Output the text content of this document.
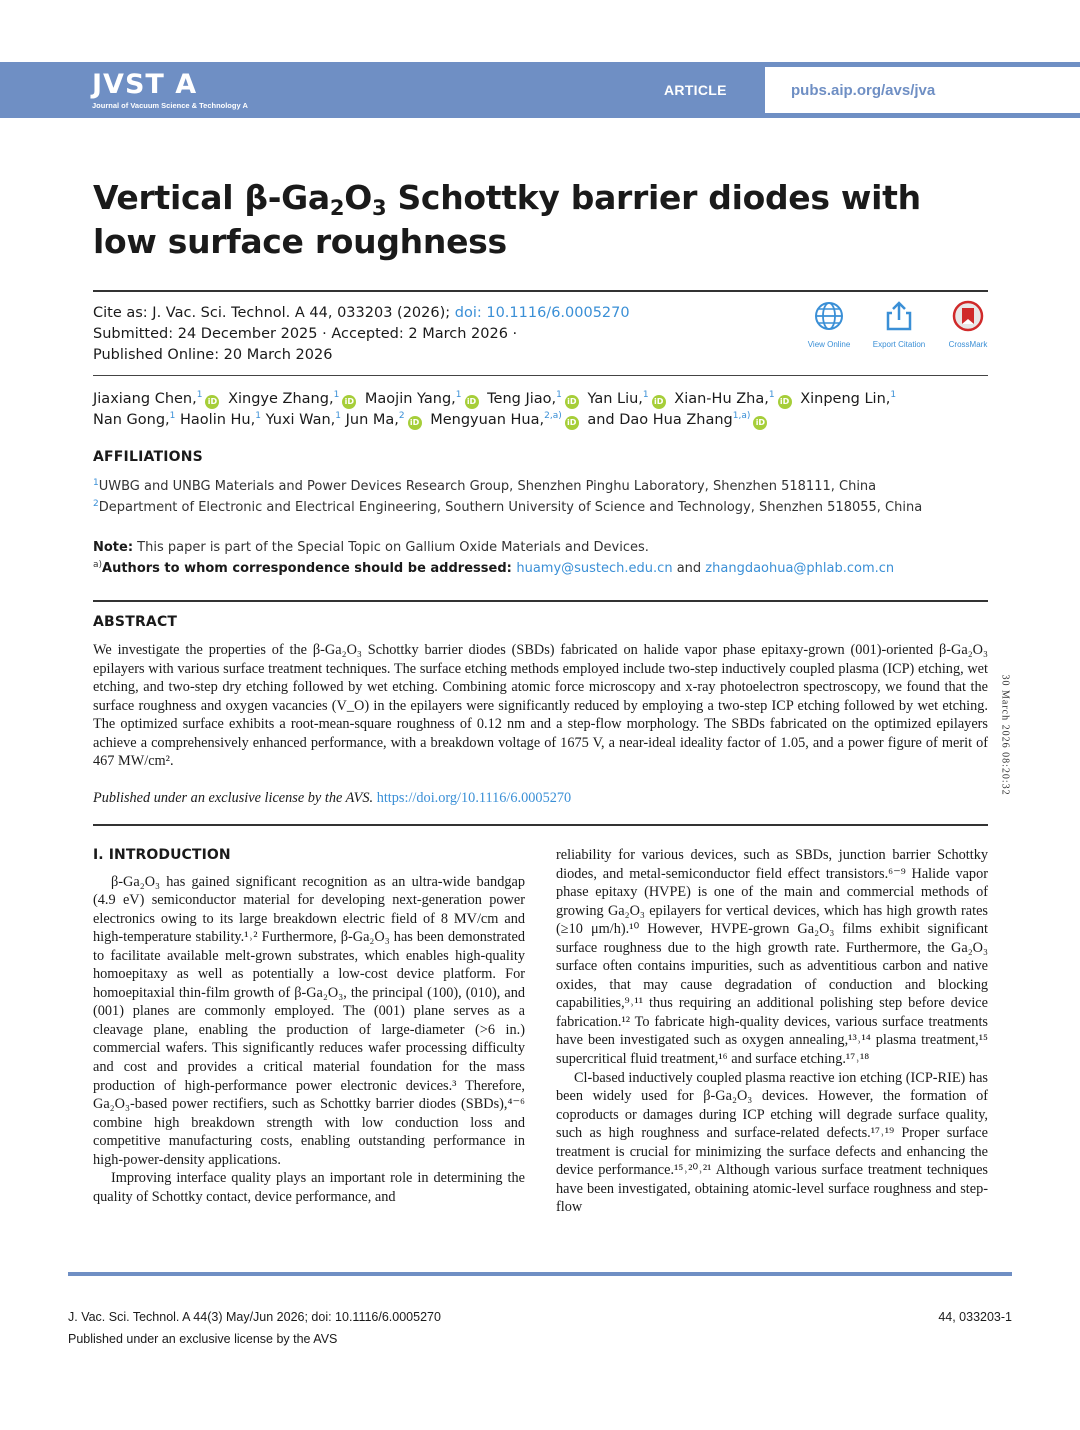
JVST A
Journal of Vacuum Science & Technology A
ARTICLE	pubs.aip.org/avs/jva
Vertical $\beta-Ga_2O_3$ Schottky barrier diodes with low surface roughness
Cite as: J. Vac. Sci. Technol. A 44, 033203 (2026); doi: 10.1116/6.0005270
Submitted: 24 December 2025 · Accepted: 2 March 2026 ·
Published Online: 20 March 2026
View Online	Export Citation	CrossMark
Jiaxiang Chen,$^1$iD Xingye Zhang,$^1$iD Maojin Yang,$^1$iD Teng Jiao,$^1$iD Yan Liu,$^1$iD Xian-Hu Zha,$^1$iD Xinpeng Lin,$^1$
Nan Gong,$^1$ Haolin Hu,$^1$ Yuxi Wan,$^1$ Jun Ma,$^2$iD Mengyuan Hua,$^{2,a)}$iD and Dao Hua Zhang$^{1,a)}$iD
AFFILIATIONS
$^1$UWBG and UNBG Materials and Power Devices Research Group, Shenzhen Pinghu Laboratory, Shenzhen 518111, China
$^2$Department of Electronic and Electrical Engineering, Southern University of Science and Technology, Shenzhen 518055, China
Note: This paper is part of the Special Topic on Gallium Oxide Materials and Devices.
$^{a)}$Authors to whom correspondence should be addressed: huamy@sustech.edu.cn and zhangdaohua@phlab.com.cn
ABSTRACT
We investigate the properties of the β-Ga₂O₃ Schottky barrier diodes (SBDs) fabricated on halide vapor phase epitaxy-grown (001)-oriented β-Ga₂O₃ epilayers with various surface treatment techniques. The surface etching methods employed include two-step inductively coupled plasma (ICP) etching, wet etching, and two-step dry etching followed by wet etching. Combining atomic force microscopy and x-ray photoelectron spectroscopy, we found that the surface roughness and oxygen vacancies (V_O) in the epilayers were significantly reduced by employing a two-step ICP etching followed by wet etching. The optimized surface exhibits a root-mean-square roughness of 0.12 nm and a step-flow morphology. The SBDs fabricated on the optimized epilayers achieve a comprehensively enhanced performance, with a breakdown voltage of 1675 V, a near-ideal ideality factor of 1.05, and a power figure of merit of 467 MW/cm².
Published under an exclusive license by the AVS. https://doi.org/10.1116/6.0005270
30 March 2026 08:20:32
I. INTRODUCTION

β-Ga₂O₃ has gained significant recognition as an ultra-wide bandgap (4.9 eV) semiconductor material for developing next-generation power electronics owing to its large breakdown electric field of 8 MV/cm and high-temperature stability.¹˒² Furthermore, β-Ga₂O₃ has been demonstrated to facilitate available melt-grown substrates, which enables high-quality homoepitaxy as well as potentially a low-cost device platform. For homoepitaxial thin-film growth of β-Ga₂O₃, the principal (100), (010), and (001) planes are commonly employed. The (001) plane serves as a cleavage plane, enabling the production of large-diameter (>6 in.) commercial wafers. This significantly reduces wafer processing difficulty and cost and provides a critical material foundation for the mass production of high-performance power electronic devices.³ Therefore, Ga₂O₃-based power rectifiers, such as Schottky barrier diodes (SBDs),⁴⁻⁶ combine high breakdown strength with low conduction loss and competitive manufacturing costs, enabling outstanding performance in high-power-density applications.

Improving interface quality plays an important role in determining the quality of Schottky contact, device performance, and

reliability for various devices, such as SBDs, junction barrier Schottky diodes, and metal-semiconductor field effect transistors.⁶⁻⁹ Halide vapor phase epitaxy (HVPE) is one of the main and commercial methods of growing Ga₂O₃ epilayers for vertical devices, which has high growth rates (≥10 μm/h).¹⁰ However, HVPE-grown Ga₂O₃ films exhibit significant surface roughness due to the high growth rate. Furthermore, the Ga₂O₃ surface often contains impurities, such as adventitious carbon and native oxides, that may cause degradation of conduction and blocking capabilities,⁹˒¹¹ thus requiring an additional polishing step before device fabrication.¹² To fabricate high-quality devices, various surface treatments have been investigated such as oxygen annealing,¹³˒¹⁴ plasma treatment,¹⁵ supercritical fluid treatment,¹⁶ and surface etching.¹⁷˒¹⁸

Cl-based inductively coupled plasma reactive ion etching (ICP-RIE) has been widely used for β-Ga₂O₃ devices. However, the formation of coproducts or damages during ICP etching will degrade surface quality, such as high roughness and surface-related defects.¹⁷˒¹⁹ Proper surface treatment is crucial for minimizing the surface defects and enhancing the device performance.¹⁵˒²⁰˒²¹ Although various surface treatment techniques have been investigated, obtaining atomic-level surface roughness and step-flow

J. Vac. Sci. Technol. A 44(3) May/Jun 2026; doi: 10.1116/6.0005270	44, 033203-1
Published under an exclusive license by the AVS
